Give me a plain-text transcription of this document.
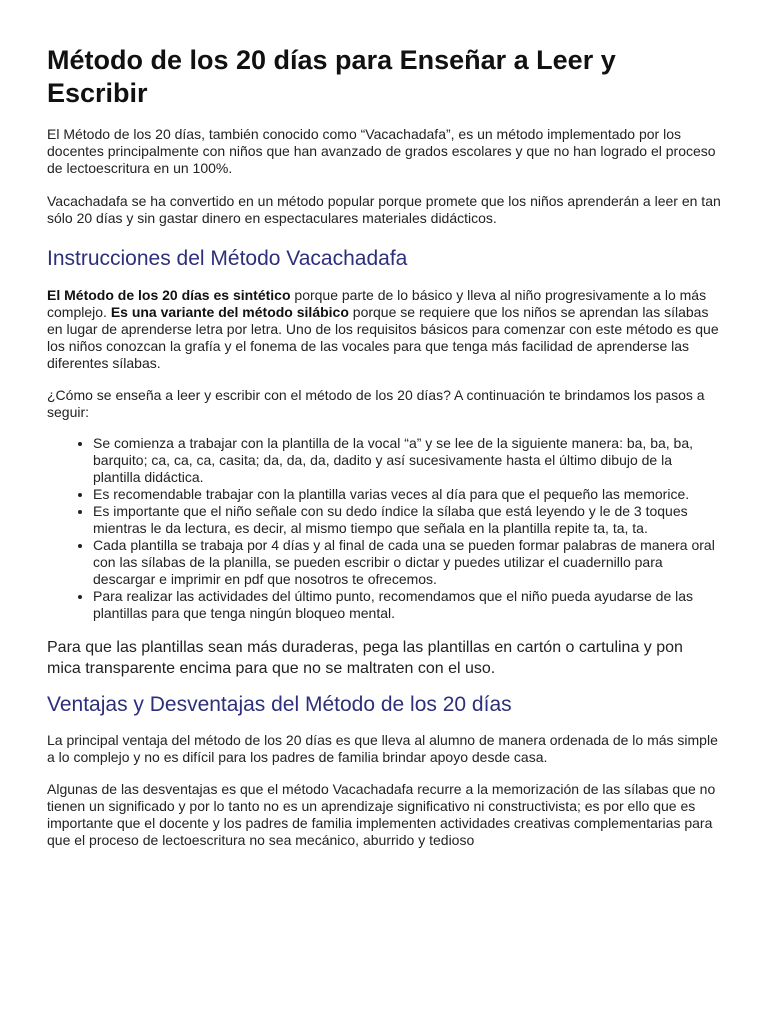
Método de los 20 días para Enseñar a Leer y Escribir

El Método de los 20 días, también conocido como “Vacachadafa”, es un método implementado por los docentes principalmente con niños que han avanzado de grados escolares y que no han logrado el proceso de lectoescritura en un 100%.

Vacachadafa se ha convertido en un método popular porque promete que los niños aprenderán a leer en tan sólo 20 días y sin gastar dinero en espectaculares materiales didácticos.

Instrucciones del Método Vacachadafa

El Método de los 20 días es sintético porque parte de lo básico y lleva al niño progresivamente a lo más complejo. Es una variante del método silábico porque se requiere que los niños se aprendan las sílabas en lugar de aprenderse letra por letra. Uno de los requisitos básicos para comenzar con este método es que los niños conozcan la grafía y el fonema de las vocales para que tenga más facilidad de aprenderse las diferentes sílabas.

¿Cómo se enseña a leer y escribir con el método de los 20 días? A continuación te brindamos los pasos a seguir:

• Se comienza a trabajar con la plantilla de la vocal “a” y se lee de la siguiente manera: ba, ba, ba, barquito; ca, ca, ca, casita; da, da, da, dadito y así sucesivamente hasta el último dibujo de la plantilla didáctica.
• Es recomendable trabajar con la plantilla varias veces al día para que el pequeño las memorice.
• Es importante que el niño señale con su dedo índice la sílaba que está leyendo y le de 3 toques mientras le da lectura, es decir, al mismo tiempo que señala en la plantilla repite ta, ta, ta.
• Cada plantilla se trabaja por 4 días y al final de cada una se pueden formar palabras de manera oral con las sílabas de la planilla, se pueden escribir o dictar y puedes utilizar el cuadernillo para descargar e imprimir en pdf que nosotros te ofrecemos.
• Para realizar las actividades del último punto, recomendamos que el niño pueda ayudarse de las plantillas para que tenga ningún bloqueo mental.

Para que las plantillas sean más duraderas, pega las plantillas en cartón o cartulina y pon mica transparente encima para que no se maltraten con el uso.

Ventajas y Desventajas del Método de los 20 días

La principal ventaja del método de los 20 días es que lleva al alumno de manera ordenada de lo más simple a lo complejo y no es difícil para los padres de familia brindar apoyo desde casa.

Algunas de las desventajas es que el método Vacachadafa recurre a la memorización de las sílabas que no tienen un significado y por lo tanto no es un aprendizaje significativo ni constructivista; es por ello que es importante que el docente y los padres de familia implementen actividades creativas complementarias para que el proceso de lectoescritura no sea mecánico, aburrido y tedioso
